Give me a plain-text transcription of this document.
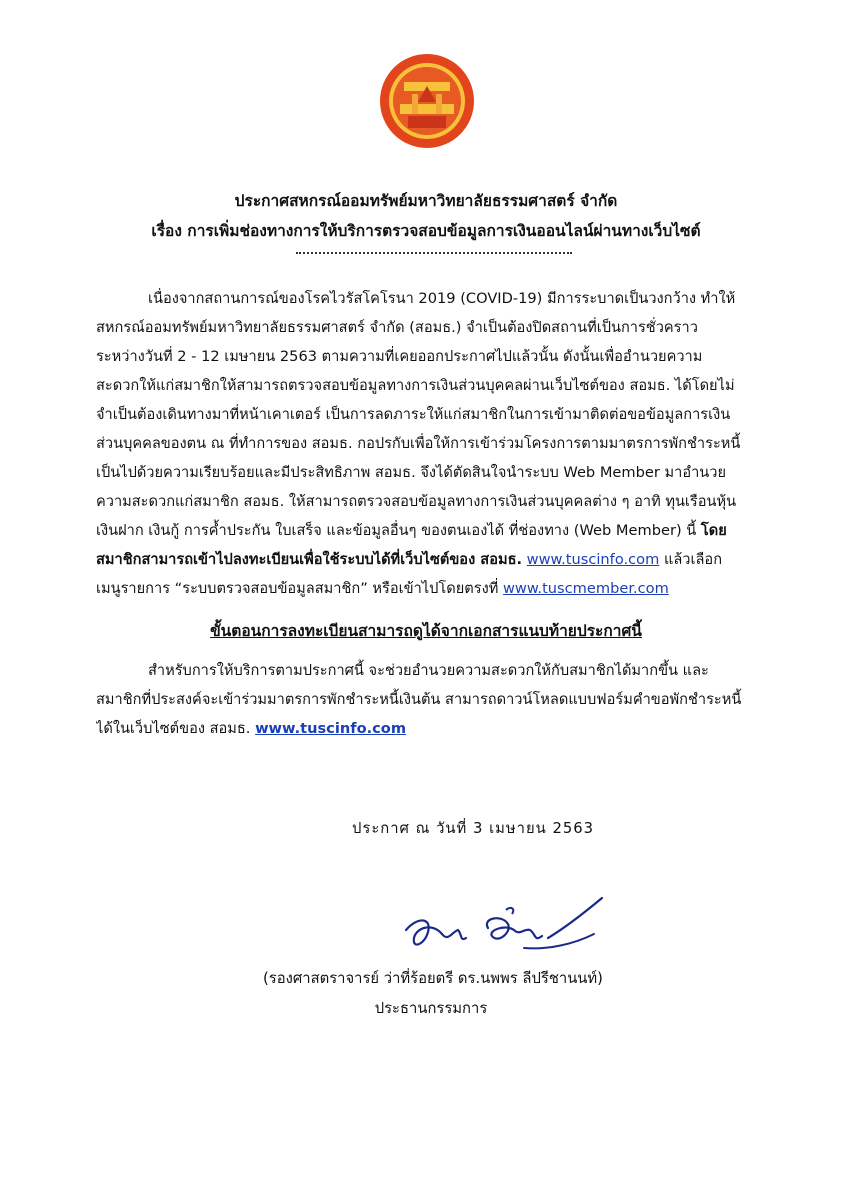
ประกาศสหกรณ์ออมทรัพย์มหาวิทยาลัยธรรมศาสตร์ จำกัด
เรื่อง การเพิ่มช่องทางการให้บริการตรวจสอบข้อมูลการเงินออนไลน์ผ่านทางเว็บไซต์
เนื่องจากสถานการณ์ของโรคไวรัสโคโรนา 2019 (COVID-19) มีการระบาดเป็นวงกว้าง ทำให้
สหกรณ์ออมทรัพย์มหาวิทยาลัยธรรมศาสตร์ จำกัด (สอมธ.) จำเป็นต้องปิดสถานที่เป็นการชั่วคราว
ระหว่างวันที่ 2 - 12 เมษายน 2563 ตามความที่เคยออกประกาศไปแล้วนั้น ดังนั้นเพื่ออำนวยความ
สะดวกให้แก่สมาชิกให้สามารถตรวจสอบข้อมูลทางการเงินส่วนบุคคลผ่านเว็บไซต์ของ สอมธ. ได้โดยไม่
จำเป็นต้องเดินทางมาที่หน้าเคาเตอร์ เป็นการลดภาระให้แก่สมาชิกในการเข้ามาติดต่อขอข้อมูลการเงิน
ส่วนบุคคลของตน ณ ที่ทำการของ สอมธ. กอปรกับเพื่อให้การเข้าร่วมโครงการตามมาตรการพักชำระหนี้
เป็นไปด้วยความเรียบร้อยและมีประสิทธิภาพ สอมธ. จึงได้ตัดสินใจนำระบบ Web Member มาอำนวย
ความสะดวกแก่สมาชิก สอมธ. ให้สามารถตรวจสอบข้อมูลทางการเงินส่วนบุคคลต่าง ๆ อาทิ ทุนเรือนหุ้น
เงินฝาก เงินกู้ การค้ำประกัน ใบเสร็จ และข้อมูลอื่นๆ ของตนเองได้ ที่ช่องทาง (Web Member) นี้ โดย
สมาชิกสามารถเข้าไปลงทะเบียนเพื่อใช้ระบบได้ที่เว็บไซต์ของ สอมธ. www.tuscinfo.com แล้วเลือก
เมนูรายการ “ระบบตรวจสอบข้อมูลสมาชิก” หรือเข้าไปโดยตรงที่ www.tuscmember.com
ขั้นตอนการลงทะเบียนสามารถดูได้จากเอกสารแนบท้ายประกาศนี้
สำหรับการให้บริการตามประกาศนี้ จะช่วยอำนวยความสะดวกให้กับสมาชิกได้มากขึ้น และ
สมาชิกที่ประสงค์จะเข้าร่วมมาตรการพักชำระหนี้เงินต้น สามารถดาวน์โหลดแบบฟอร์มคำขอพักชำระหนี้
ได้ในเว็บไซต์ของ สอมธ. www.tuscinfo.com
ประกาศ ณ วันที่ 3 เมษายน 2563
(รองศาสตราจารย์ ว่าที่ร้อยตรี ดร.นพพร ลีปรีชานนท์)
ประธานกรรมการ
